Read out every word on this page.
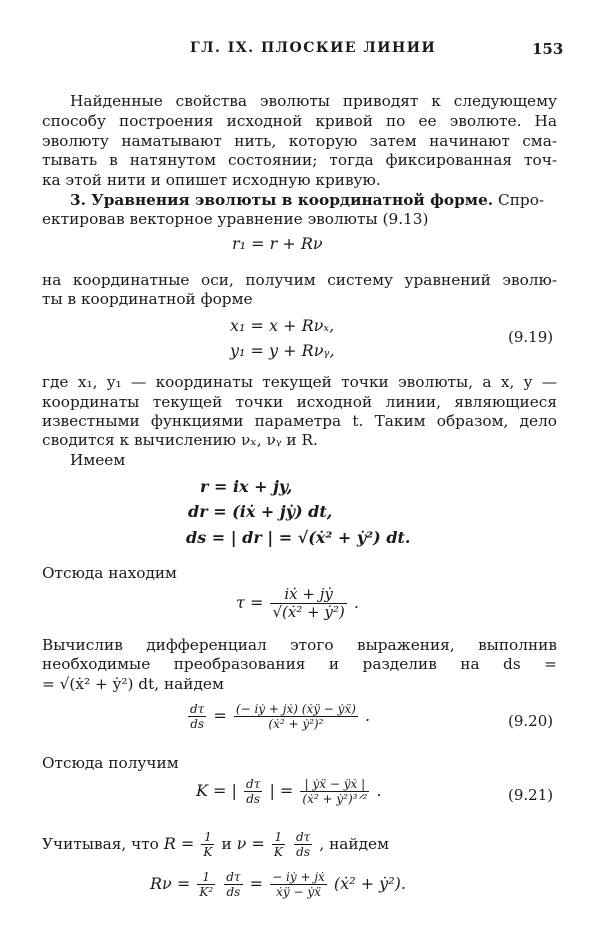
ГЛ. IX. ПЛОСКИЕ ЛИНИИ	153
Найденные свойства эволюты приводят к следующему
способу построения исходной кривой по ее эволюте. На
эволюту наматывают нить, которую затем начинают сма-
тывать в натянутом состоянии; тогда фиксированная точ-
ка этой нити и опишет исходную кривую.
3. Уравнения эволюты в координатной форме. Спро-
ектировав векторное уравнение эволюты (9.13)
r₁ = r + Rν
на координатные оси, получим систему уравнений эволю-
ты в координатной форме
x₁ = x + Rνₓ,
y₁ = y + Rνᵧ,
(9.19)
где x₁, y₁ — координаты текущей точки эволюты, а x, y —
координаты текущей точки исходной линии, являющиеся
известными функциями параметра t. Таким образом, дело
сводится к вычислению νₓ, νᵧ и R.
Имеем
r = ix + jy,
dr = (iẋ + jẏ) dt,
ds = | dr | = √(ẋ² + ẏ²) dt.
Отсюда находим
$\tau = \frac{\text{iẋ + jẏ}}{\text{√(ẋ² + ẏ²)}}$ .
Вычислив дифференциал этого выражения, выполнив
необходимые преобразования и разделив на ds =
= √(ẋ² + ẏ²) dt, найдем
$\frac{d\tau}{ds} = \frac{\text{(− iẏ + jẋ) (ẋÿ − ẏẍ)}}{\text{(ẋ² + ẏ²)²}}$ .	(9.20)
Отсюда получим
K = | $\frac{d\tau}{ds}$ | = $\frac{\text{| ẏẍ − ÿẋ |}}{\text{(ẋ² + ẏ²)³ᐟ²}}$ .	(9.21)
Учитывая, что $R = \frac{1}{K}$ и $\nu = \frac{1}{K}$
$\frac{d\tau}{ds}$ , найдем
$R\nu = \frac{1}{\text{K²}}$
$\frac{d\tau}{ds} = \frac{\text{− iẏ + jẋ}}{\text{ẋÿ − ẏẍ}}$ (ẋ² + ẏ²).
